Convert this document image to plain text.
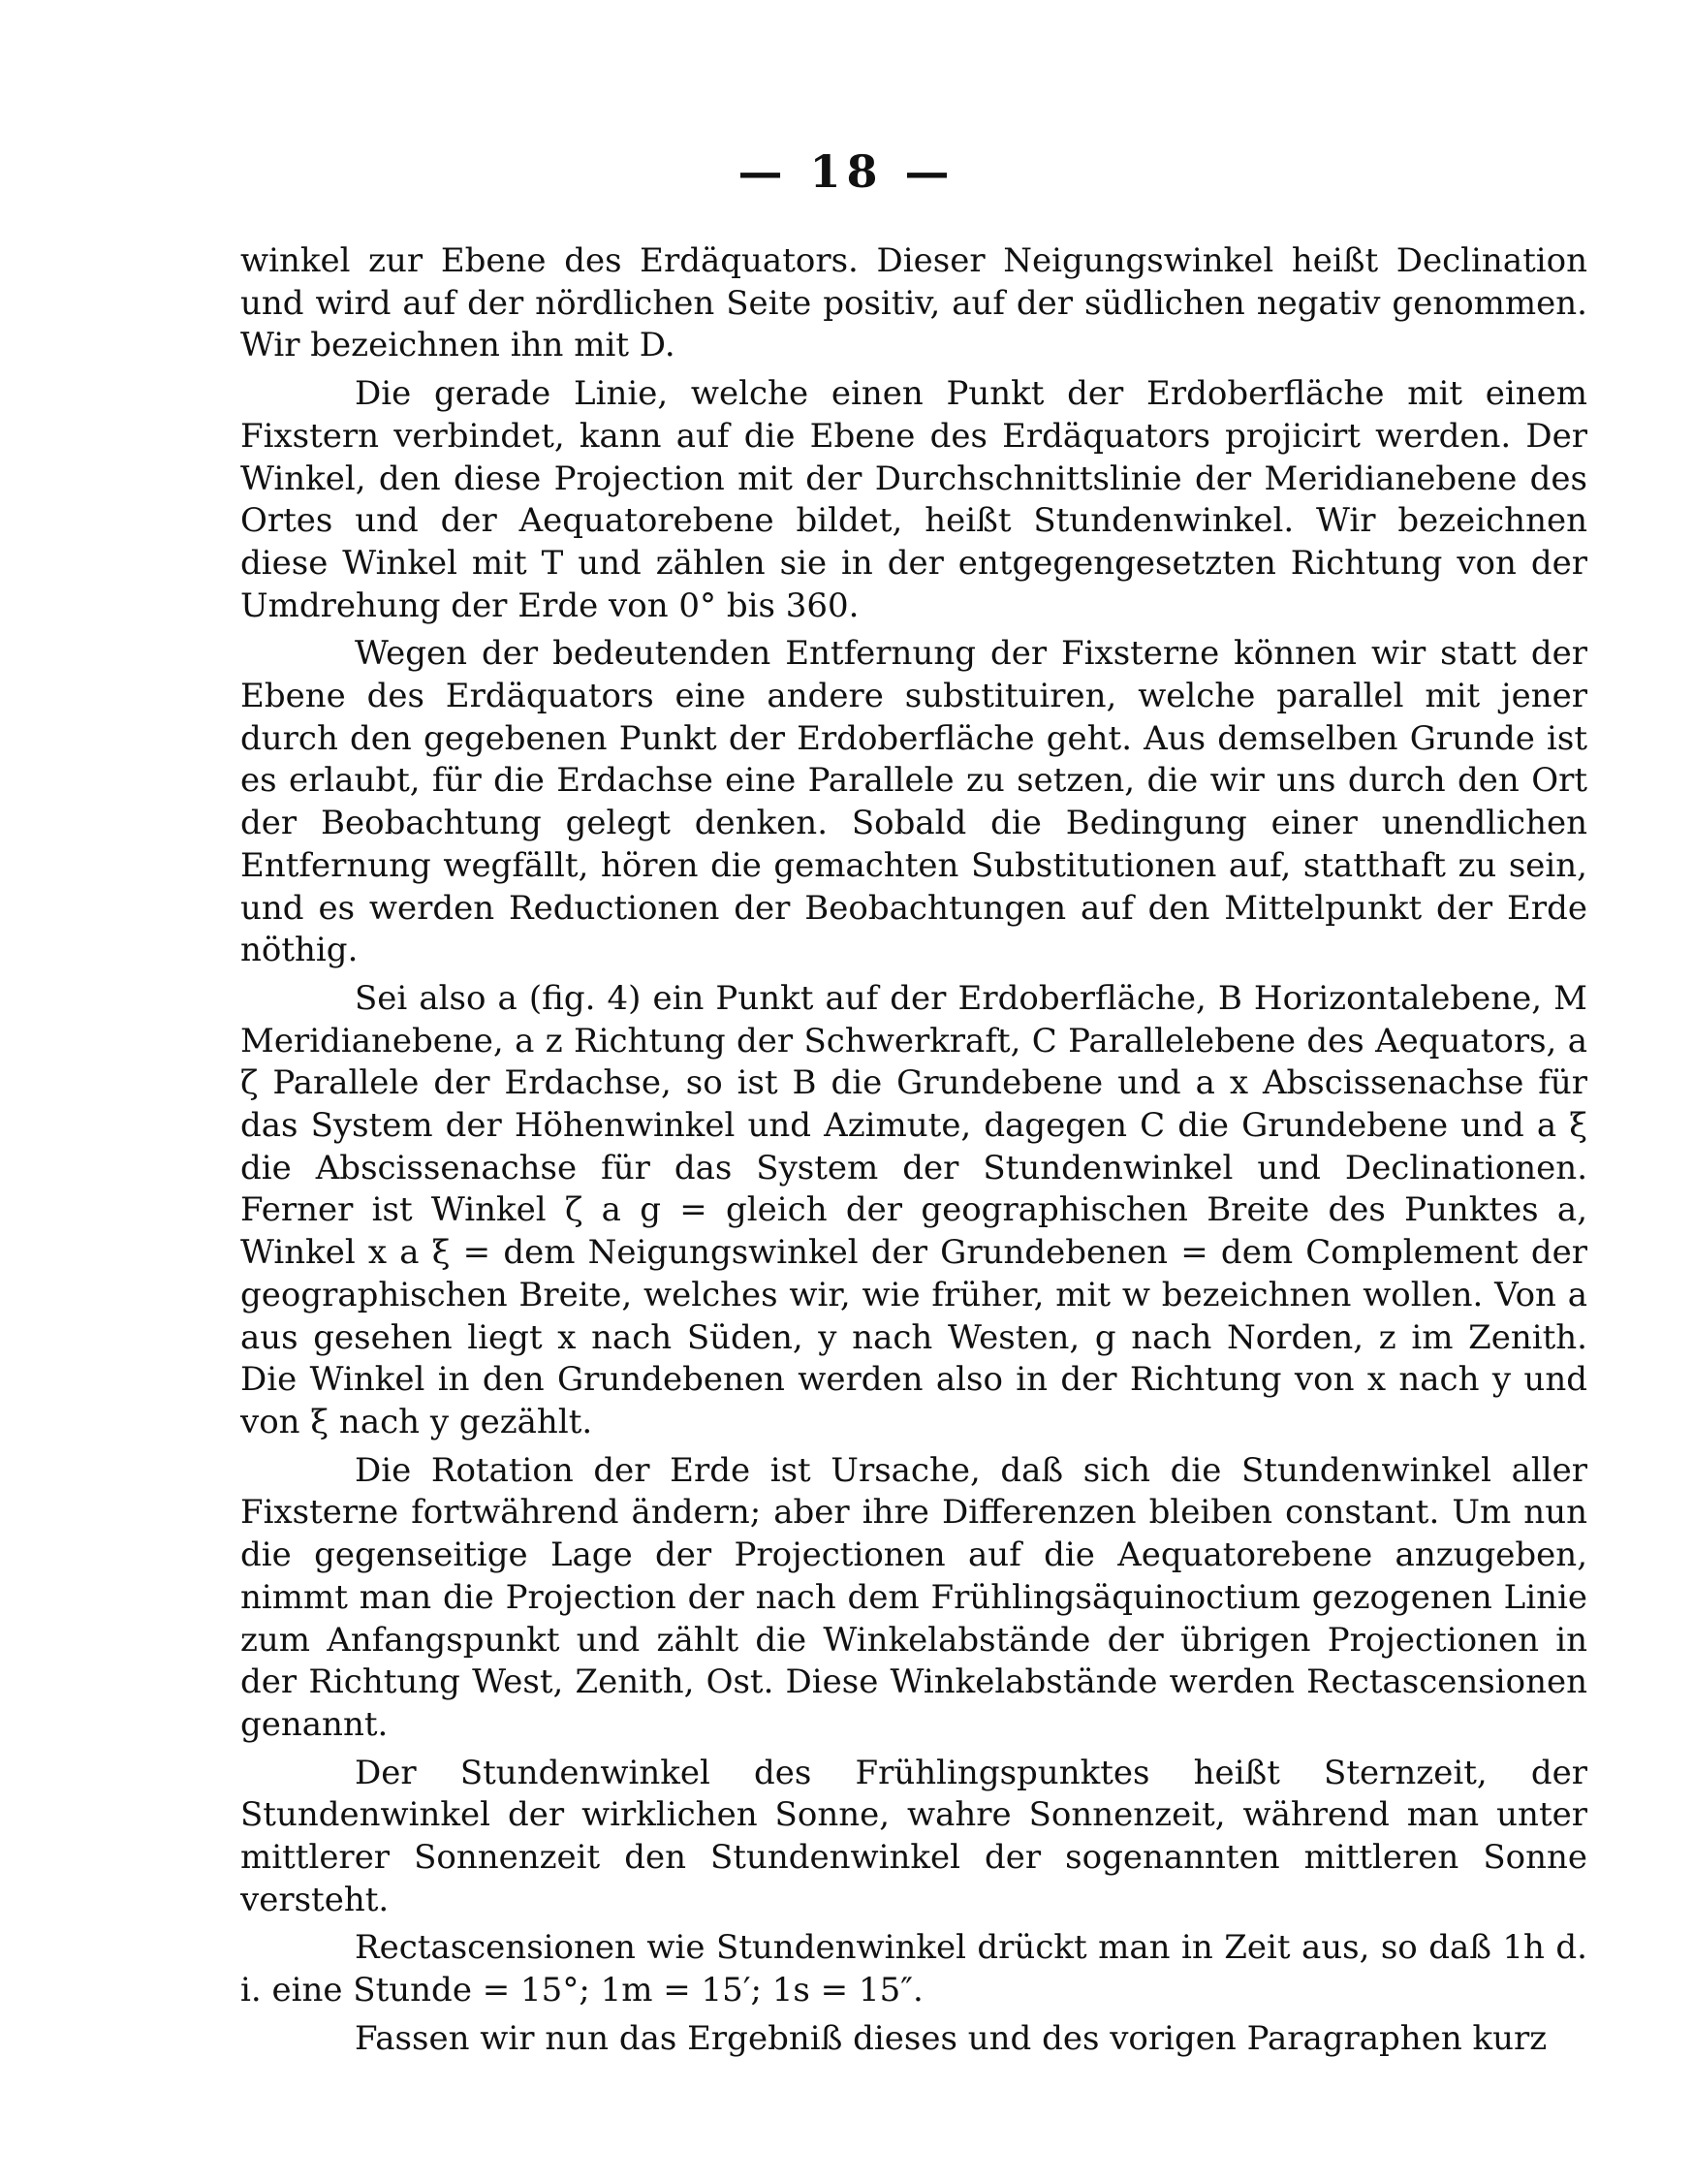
— 18 —

winkel zur Ebene des Erdäquators. Dieser Neigungswinkel heißt Declination und wird auf der nördlichen Seite positiv, auf der südlichen negativ genommen. Wir bezeichnen ihn mit D.

Die gerade Linie, welche einen Punkt der Erdoberfläche mit einem Fixstern verbindet, kann auf die Ebene des Erdäquators projicirt werden. Der Winkel, den diese Projection mit der Durchschnittslinie der Meridianebene des Ortes und der Aequatorebene bildet, heißt Stundenwinkel. Wir bezeichnen diese Winkel mit T und zählen sie in der entgegengesetzten Richtung von der Umdrehung der Erde von 0° bis 360.

Wegen der bedeutenden Entfernung der Fixsterne können wir statt der Ebene des Erdäquators eine andere substituiren, welche parallel mit jener durch den gegebenen Punkt der Erdoberfläche geht. Aus demselben Grunde ist es erlaubt, für die Erdachse eine Parallele zu setzen, die wir uns durch den Ort der Beobachtung gelegt denken. Sobald die Bedingung einer unendlichen Entfernung wegfällt, hören die gemachten Substitutionen auf, statthaft zu sein, und es werden Reductionen der Beobachtungen auf den Mittelpunkt der Erde nöthig.

Sei also a (fig. 4) ein Punkt auf der Erdoberfläche, B Horizontalebene, M Meridianebene, a z Richtung der Schwerkraft, C Parallelebene des Aequators, a ζ Parallele der Erdachse, so ist B die Grundebene und a x Abscissenachse für das System der Höhenwinkel und Azimute, dagegen C die Grundebene und a ξ die Abscissenachse für das System der Stundenwinkel und Declinationen. Ferner ist Winkel ζ a g = gleich der geographischen Breite des Punktes a, Winkel x a ξ = dem Neigungswinkel der Grundebenen = dem Complement der geographischen Breite, welches wir, wie früher, mit w bezeichnen wollen. Von a aus gesehen liegt x nach Süden, y nach Westen, g nach Norden, z im Zenith. Die Winkel in den Grundebenen werden also in der Richtung von x nach y und von ξ nach y gezählt.

Die Rotation der Erde ist Ursache, daß sich die Stundenwinkel aller Fixsterne fortwährend ändern; aber ihre Differenzen bleiben constant. Um nun die gegenseitige Lage der Projectionen auf die Aequatorebene anzugeben, nimmt man die Projection der nach dem Frühlingsäquinoctium gezogenen Linie zum Anfangspunkt und zählt die Winkelabstände der übrigen Projectionen in der Richtung West, Zenith, Ost. Diese Winkelabstände werden Rectascensionen genannt.

Der Stundenwinkel des Frühlingspunktes heißt Sternzeit, der Stundenwinkel der wirklichen Sonne, wahre Sonnenzeit, während man unter mittlerer Sonnenzeit den Stundenwinkel der sogenannten mittleren Sonne versteht.

Rectascensionen wie Stundenwinkel drückt man in Zeit aus, so daß 1h d. i. eine Stunde = 15°; 1m = 15′; 1s = 15″.

Fassen wir nun das Ergebniß dieses und des vorigen Paragraphen kurz
